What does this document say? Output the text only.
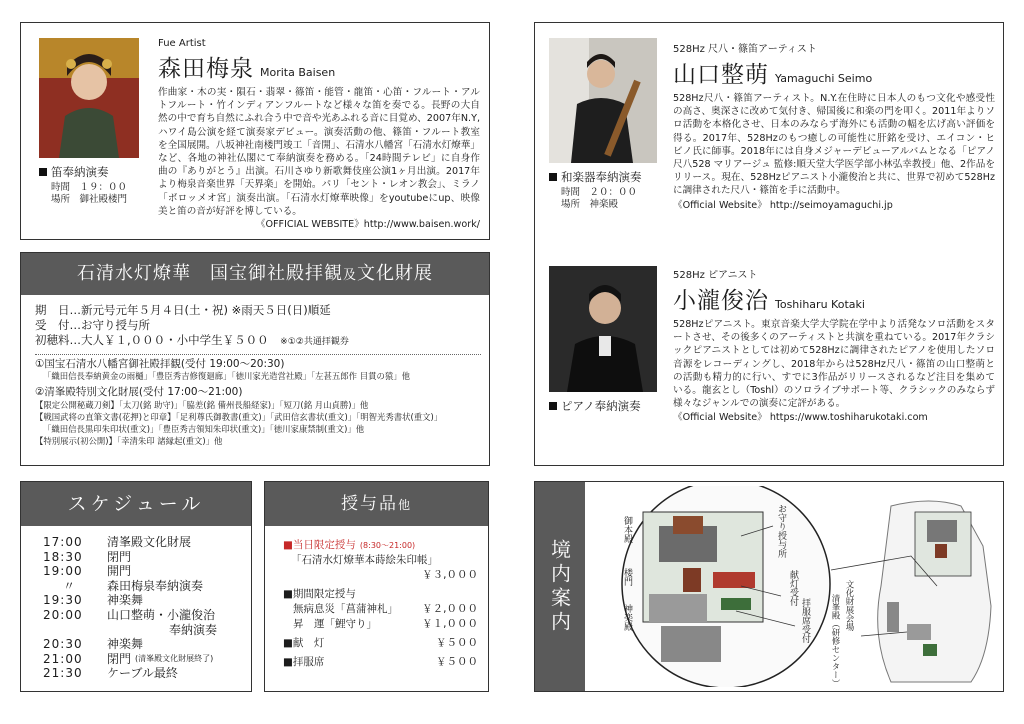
笛奉納演奏
時間　 １９：００
場所　 御社殿楼門
Fue Artist
森田梅泉 Morita Baisen
作曲家・木の実・隕石・翡翠・篠笛・能管・龍笛・心笛・フルート・アルトフルート・竹インディアンフルートなど様々な笛を奏でる。長野の大自然の中で育ち自然にふれ合う中で音や光あふれる音に目覚め、2007年N.Y, ハワイ島公演を経て演奏家デビュー。演奏活動の他、篠笛・フルート教室を全国展開。八坂神社南楼門竣工「音開」、石清水八幡宮「石清水灯燎華」など、各地の神社仏閣にて奉納演奏を務める。「24時間テレビ」に自身作曲の『ありがとう』出演。石川さゆり新歌舞伎座公演1ヶ月出演。2017年より梅泉音楽世界「天界楽」を開始。パリ「セント・レオン教会」、ミラノ「ボロッメオ宮」演奏出演。「石清水灯燎華映像」をyoutubeにup、映像美と笛の音が好評を博している。
《OFFICIAL WEBSITE》http://www.baisen.work/
石清水灯燎華　国宝御社殿拝観及文化財展
期　日…新元号元年５月４日(土・祝) ※雨天５日(日)順延
受　付…お守り授与所
初穂料…大人￥１,０００・小中学生￥５００　 ※①②共通拝観券
①国宝石清水八幡宮御社殿拝観(受付 19:00～20:30)
「織田信長奉納黄金の雨樋」「豊臣秀吉修復廻廊」「徳川家光造営社殿」「左甚五郎作 目貫の猿」他
②清峯殿特別文化財展(受付 17:00～21:00)
【限定公開秘蔵刀剣】「太刀(銘 助守)」「脇差(銘 備州長船経家)」「短刀(銘 月山貞勝)」他
【戦国武将の直筆文書(花押)と印章】「足利尊氏御教書(重文)」「武田信玄書状(重文)」「明智光秀書状(重文)」
「織田信長黒印朱印状(重文)」「豊臣秀吉領知朱印状(重文)」「徳川家康禁制(重文)」他
【特別展示(初公開)】「幸清朱印 諸縁起(重文)」他
スケジュール
17:00	清峯殿文化財展
18:30	閉門
19:00	開門
〃	森田梅泉奉納演奏
19:30	神楽舞
20:00	山口整萌・小瀧俊治
奉納演奏
20:30	神楽舞
21:00	閉門 (清峯殿文化財展終了)
21:30	ケーブル最終
授与品他
■当日限定授与 (8:30～21:00)
「石清水灯燎華本蒔絵朱印帳」
￥３,０００
■期間限定授与
無病息災「菖蒲神札」 ￥２,０００
昇　運「鯉守り」	￥１,０００
■献　灯	￥５００
■拝服席	￥５００
和楽器奉納演奏
時間　 ２０：００
場所　 神楽殿
528Hz 尺八・篠笛アーティスト
山口整萌 Yamaguchi Seimo
528Hz尺八・篠笛アーティスト。N.Y.在住時に日本人のもつ文化や感受性の高さ、奥深さに改めて気付き、帰国後に和楽の門を叩く。2011年よりソロ活動を本格化させ、日本のみならず海外にも活動の幅を広げ高い評価を得る。2017年、528Hzのもつ癒しの可能性に肝銘を受け、エイコン・ヒビノ氏に師事。2018年には自身メジャーデビューアルバムとなる「ピアノ尺八528 マリアージュ 監修:順天堂大学医学部小林弘幸教授」他、2作品をリリース。現在、528Hzピアニスト小瀧俊治と共に、世界で初めて528Hzに調律された尺八・篠笛を手に活動中。
《Official Website》 http://seimoyamaguchi.jp
ピアノ奉納演奏
528Hz ピアニスト
小瀧俊治 Toshiharu Kotaki
528Hzピアニスト。東京音楽大学大学院在学中より活発なソロ活動をスタートさせ、その後多くのアーティストと共演を重ねている。2017年クラシックピアニストとしては初めて528Hzに調律されたピアノを使用したソロ音源をレコーディングし、2018年からは528Hz尺八・篠笛の山口整萌との活動も精力的に行い、すでに3作品がリリースされるなど注目を集めている。龍玄とし（Toshl）のソロライブサポート等、クラシックのみならず様々なジャンルでの演奏に定評がある。
《Official Website》 https://www.toshiharukotaki.com
境内案内
御本殿
楼門
神楽殿
お守り授与所
献灯受付
拝服席受付	文化財展会場
清峯殿（研修センター）
